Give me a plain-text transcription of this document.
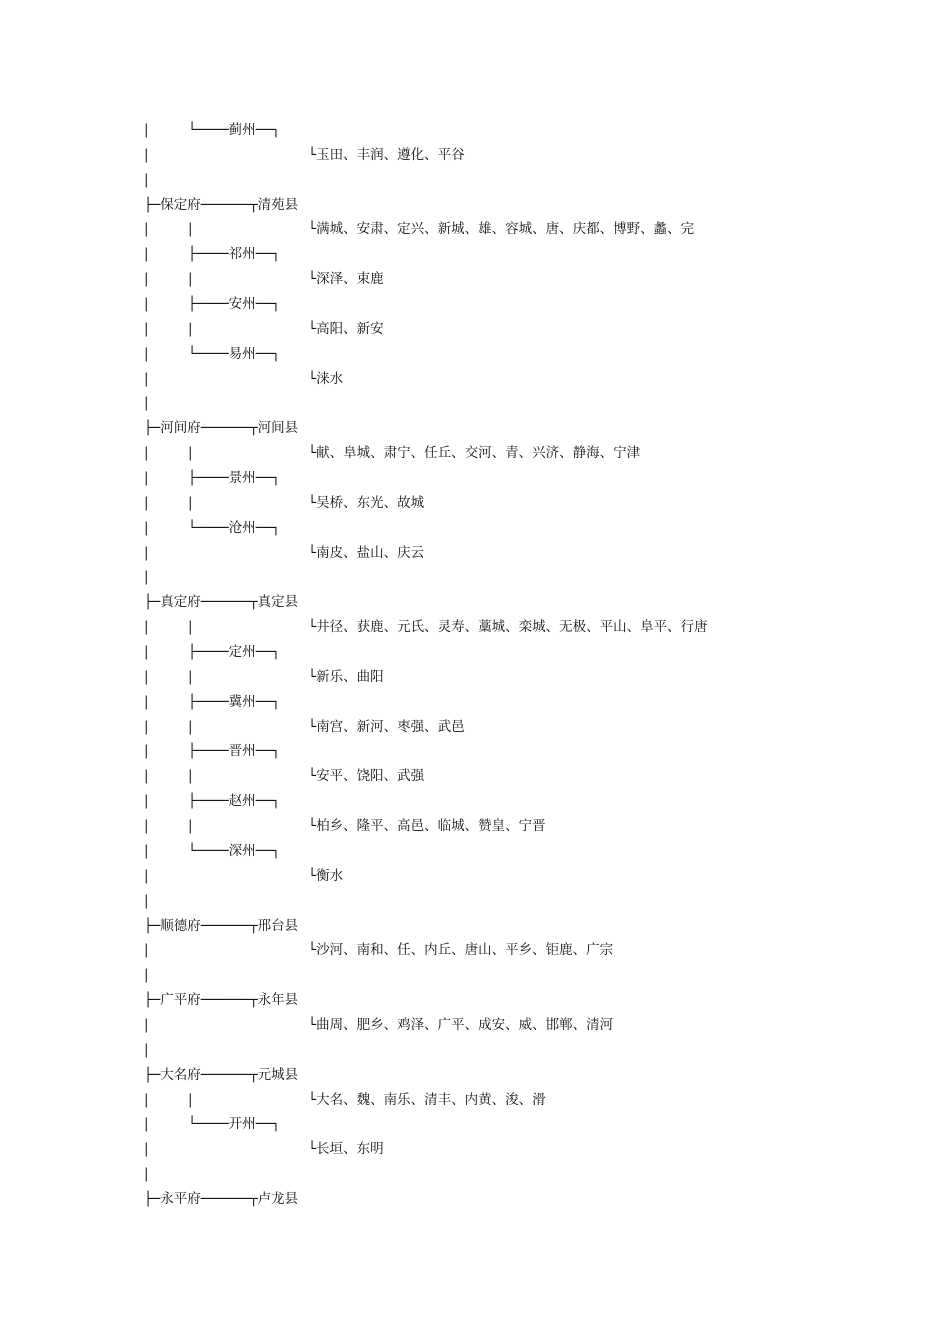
|	└────蓟州──┐
|	└玉田、丰润、遵化、平谷
|
├─保定府──────┬清苑县
|	|	└满城、安肃、定兴、新城、雄、容城、唐、庆都、博野、蠡、完
|	├────祁州──┐
|	|	└深泽、束鹿
|	├────安州──┐
|	|	└高阳、新安
|	└────易州──┐
|	└涞水
|
├─河间府──────┬河间县
|	|	└献、阜城、肃宁、任丘、交河、青、兴济、静海、宁津
|	├────景州──┐
|	|	└吴桥、东光、故城
|	└────沧州──┐
|	└南皮、盐山、庆云
|
├─真定府──────┬真定县
|	|	└井径、获鹿、元氏、灵寿、藁城、栾城、无极、平山、阜平、行唐
|	├────定州──┐
|	|	└新乐、曲阳
|	├────冀州──┐
|	|	└南宫、新河、枣强、武邑
|	├────晋州──┐
|	|	└安平、饶阳、武强
|	├────赵州──┐
|	|	└柏乡、隆平、高邑、临城、赞皇、宁晋
|	└────深州──┐
|	└衡水
|
├─顺德府──────┬邢台县
|	└沙河、南和、任、内丘、唐山、平乡、钜鹿、广宗
|
├─广平府──────┬永年县
|	└曲周、肥乡、鸡泽、广平、成安、威、邯郸、清河
|
├─大名府──────┬元城县
|	|	└大名、魏、南乐、清丰、内黄、浚、滑
|	└────开州──┐
|	└长垣、东明
|
├─永平府──────┬卢龙县
